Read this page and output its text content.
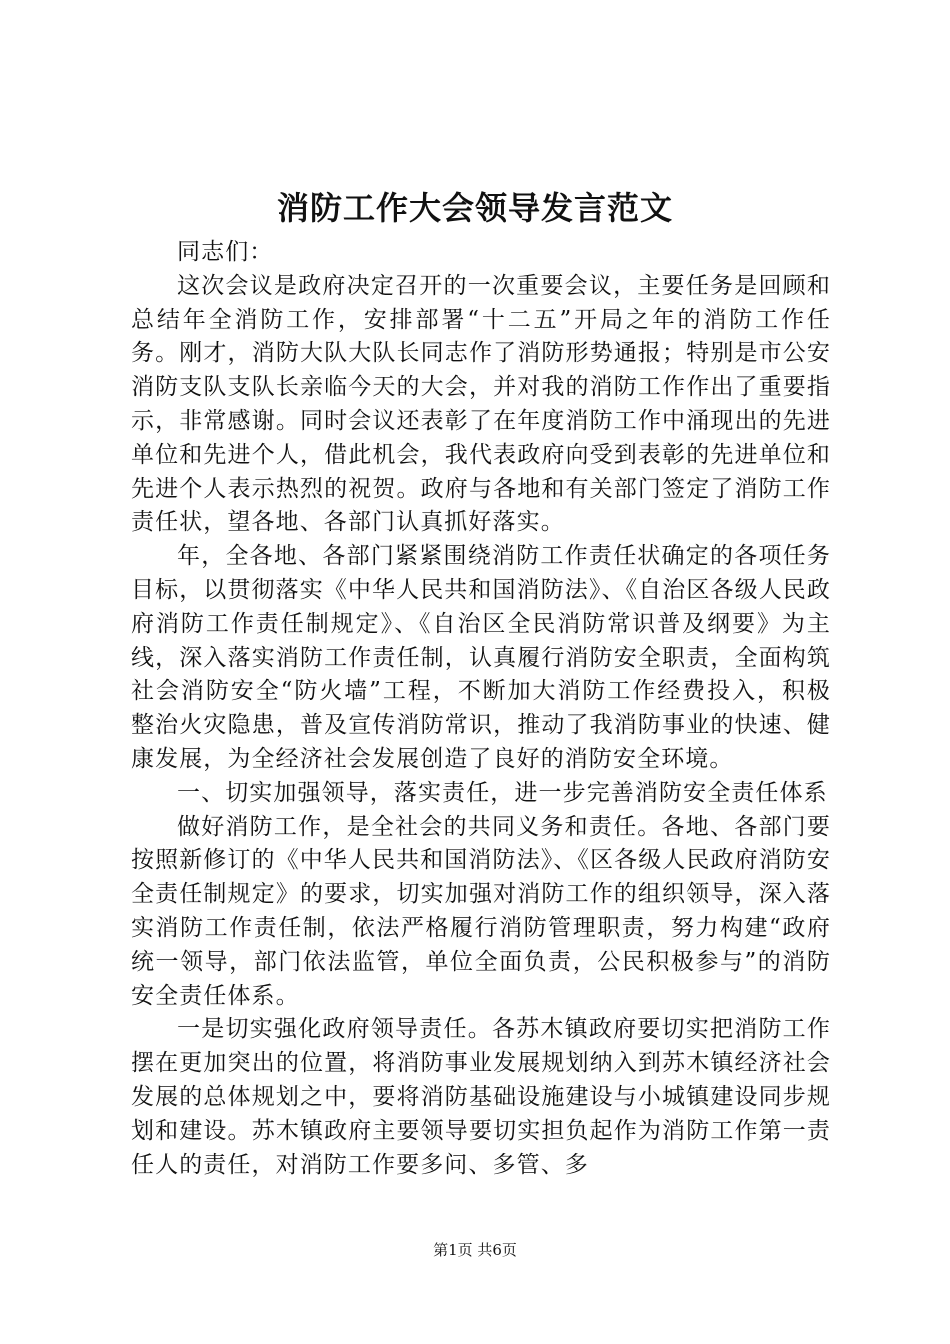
消防工作大会领导发言范文

同志们：

这次会议是政府决定召开的一次重要会议，主要任务是回顾和总结年全消防工作，安排部署“十二五”开局之年的消防工作任务。刚才，消防大队大队长同志作了消防形势通报；特别是市公安消防支队支队长亲临今天的大会，并对我的消防工作作出了重要指示，非常感谢。同时会议还表彰了在年度消防工作中涌现出的先进单位和先进个人，借此机会，我代表政府向受到表彰的先进单位和先进个人表示热烈的祝贺。政府与各地和有关部门签定了消防工作责任状，望各地、各部门认真抓好落实。

年，全各地、各部门紧紧围绕消防工作责任状确定的各项任务目标，以贯彻落实《中华人民共和国消防法》、《自治区各级人民政府消防工作责任制规定》、《自治区全民消防常识普及纲要》为主线，深入落实消防工作责任制，认真履行消防安全职责，全面构筑社会消防安全“防火墙”工程，不断加大消防工作经费投入，积极整治火灾隐患，普及宣传消防常识，推动了我消防事业的快速、健康发展，为全经济社会发展创造了良好的消防安全环境。

一、切实加强领导，落实责任，进一步完善消防安全责任体系

做好消防工作，是全社会的共同义务和责任。各地、各部门要按照新修订的《中华人民共和国消防法》、《区各级人民政府消防安全责任制规定》的要求，切实加强对消防工作的组织领导，深入落实消防工作责任制，依法严格履行消防管理职责，努力构建“政府统一领导，部门依法监管，单位全面负责，公民积极参与”的消防安全责任体系。

一是切实强化政府领导责任。各苏木镇政府要切实把消防工作摆在更加突出的位置，将消防事业发展规划纳入到苏木镇经济社会发展的总体规划之中，要将消防基础设施建设与小城镇建设同步规划和建设。苏木镇政府主要领导要切实担负起作为消防工作第一责任人的责任，对消防工作要多问、多管、多

第1页 共6页
